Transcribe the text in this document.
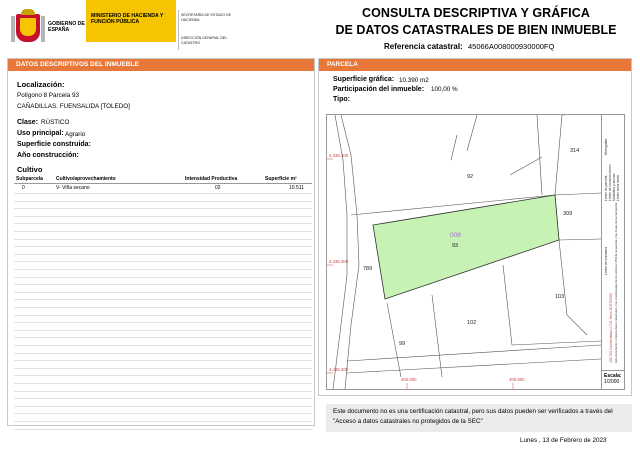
GOBIERNO DE ESPAÑA
MINISTERIO DE HACIENDA Y FUNCIÓN PÚBLICA
SECRETARÍA DE ESTADO DE HACIENDA
DIRECCIÓN GENERAL DEL CATASTRO
CONSULTA DESCRIPTIVA Y GRÁFICA
DE DATOS CATASTRALES DE BIEN INMUEBLE
Referencia catastral: 45066A008000930000FQ
DATOS DESCRIPTIVOS DEL INMUEBLE
Localización:
Polígono 8 Parcela 93
CAÑADILLAS. FUENSALIDA [TOLEDO]
Clase: RÚSTICO
Uso principal: Agrario
Superficie construida:
Año construcción:
Cultivo
Subparcela	Cultivo/aprovechamiento	Intensidad Productiva	Superficie m²
0	V- Viña secano	02	10.511
PARCELA
Superficie gráfica: 10.390 m2
Participación del inmueble: 100,00 %
Tipo:
314
92
309
93
789
103
102
99
008
4.436.400
4.436.300
4.436.200
400.500	400.600
Límite de parcela Límite de construcciones Mobiliario y aceras Límite zona verde
Hidrografía
Límite de manzana
400.700 Coordenadas U.T.M. Huso 30 ETRS89 Este documento contiene datos catastrales y las coordenadas de los vértices UTM de la parcela y las líneas de la cartografía
Escala:
1/2000
Este documento no es una certificación catastral, pero sus datos pueden ser verificados a través del "Acceso a datos catastrales no protegidos de la SEC"
Lunes , 13 de Febrero de 2023
